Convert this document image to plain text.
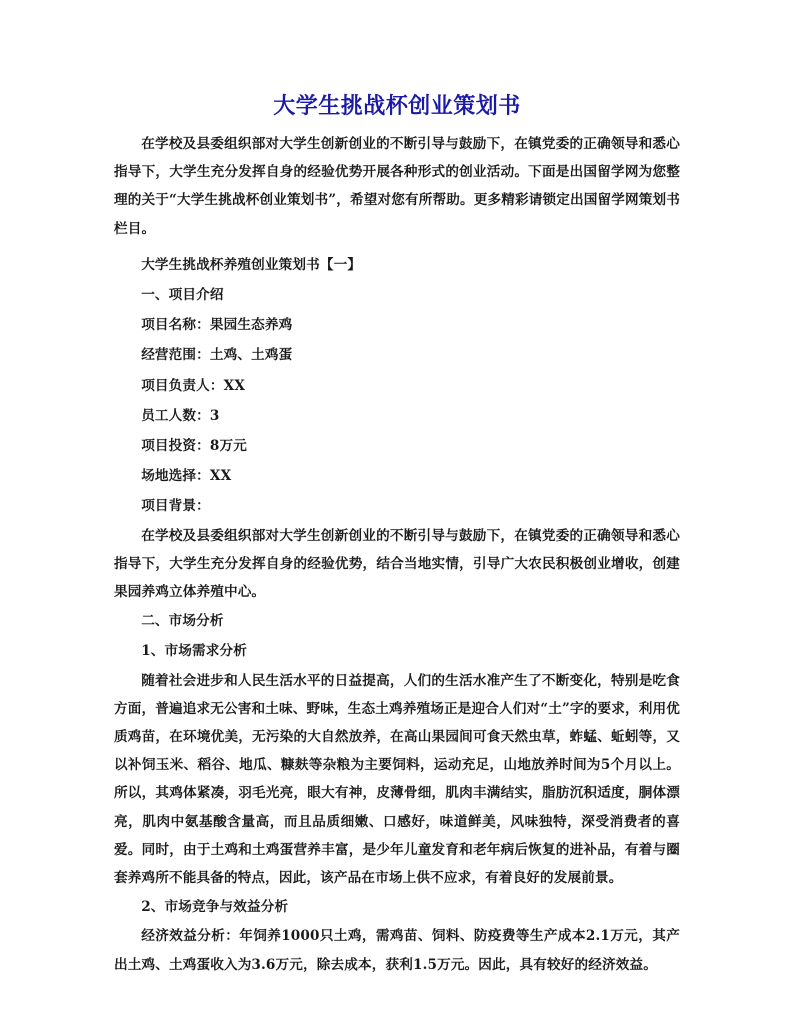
大学生挑战杯创业策划书

在学校及县委组织部对大学生创新创业的不断引导与鼓励下，在镇党委的正确领导和悉心指导下，大学生充分发挥自身的经验优势开展各种形式的创业活动。下面是出国留学网为您整理的关于“大学生挑战杯创业策划书”，希望对您有所帮助。更多精彩请锁定出国留学网策划书栏目。

大学生挑战杯养殖创业策划书【一】

一、项目介绍

项目名称：果园生态养鸡

经营范围：土鸡、土鸡蛋

项目负责人：XX

员工人数：3

项目投资：8万元

场地选择：XX

项目背景：

在学校及县委组织部对大学生创新创业的不断引导与鼓励下，在镇党委的正确领导和悉心指导下，大学生充分发挥自身的经验优势，结合当地实情，引导广大农民积极创业增收，创建果园养鸡立体养殖中心。

二、市场分析

1、市场需求分析

随着社会进步和人民生活水平的日益提高，人们的生活水准产生了不断变化，特别是吃食方面，普遍追求无公害和土味、野味，生态土鸡养殖场正是迎合人们对“土”字的要求，利用优质鸡苗，在环境优美，无污染的大自然放养，在高山果园间可食天然虫草，蚱蜢、蚯蚓等，又以补饲玉米、稻谷、地瓜、糠麸等杂粮为主要饲料，运动充足，山地放养时间为5个月以上。所以，其鸡体紧凑，羽毛光亮，眼大有神，皮薄骨细，肌肉丰满结实，脂肪沉积适度，胴体漂亮，肌肉中氨基酸含量高，而且品质细嫩、口感好，味道鲜美，风味独特，深受消费者的喜爱。同时，由于土鸡和土鸡蛋营养丰富，是少年儿童发育和老年病后恢复的进补品，有着与圈套养鸡所不能具备的特点，因此，该产品在市场上供不应求，有着良好的发展前景。

2、市场竞争与效益分析

经济效益分析：年饲养1000只土鸡，需鸡苗、饲料、防疫费等生产成本2.1万元，其产出土鸡、土鸡蛋收入为3.6万元，除去成本，获利1.5万元。因此，具有较好的经济效益。
